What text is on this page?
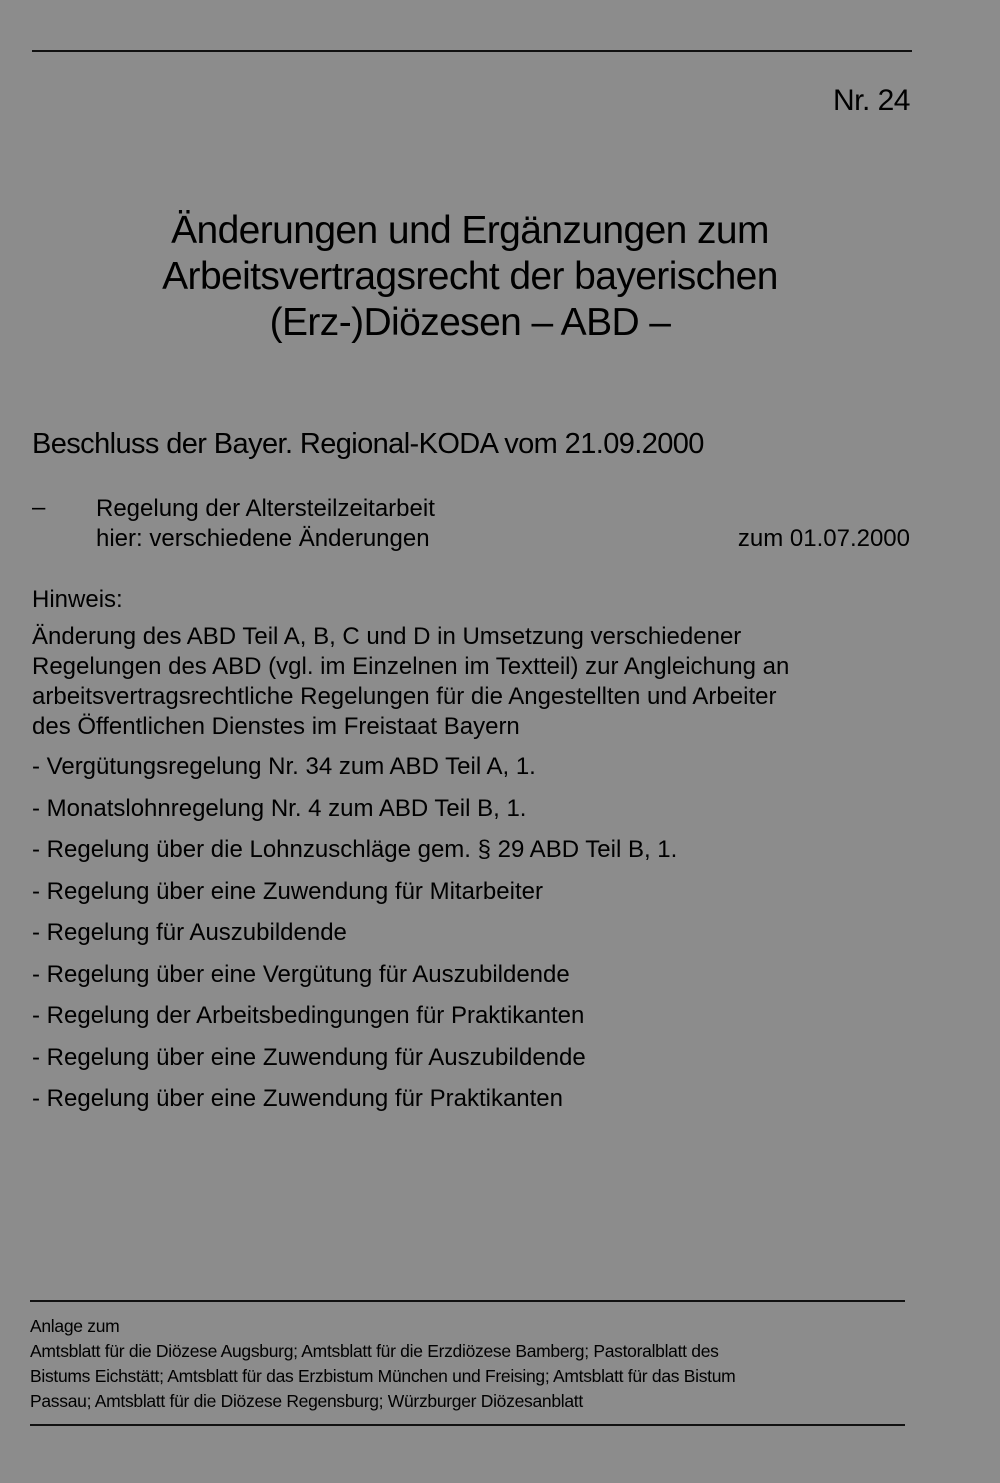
Nr. 24
Änderungen und Ergänzungen zum
Arbeitsvertragsrecht der bayerischen
(Erz-)Diözesen – ABD –
Beschluss der Bayer. Regional-KODA vom 21.09.2000
– Regelung der Altersteilzeitarbeit
hier: verschiedene Änderungen	zum 01.07.2000
Hinweis:
Änderung des ABD Teil A, B, C und D in Umsetzung verschiedener
Regelungen des ABD (vgl. im Einzelnen im Textteil) zur Angleichung an
arbeitsvertragsrechtliche Regelungen für die Angestellten und Arbeiter
des Öffentlichen Dienstes im Freistaat Bayern
- Vergütungsregelung Nr. 34 zum ABD Teil A, 1.
- Monatslohnregelung Nr. 4 zum ABD Teil B, 1.
- Regelung über die Lohnzuschläge gem. § 29 ABD Teil B, 1.
- Regelung über eine Zuwendung für Mitarbeiter
- Regelung für Auszubildende
- Regelung über eine Vergütung für Auszubildende
- Regelung der Arbeitsbedingungen für Praktikanten
- Regelung über eine Zuwendung für Auszubildende
- Regelung über eine Zuwendung für Praktikanten
Anlage zum
Amtsblatt für die Diözese Augsburg; Amtsblatt für die Erzdiözese Bamberg; Pastoralblatt des
Bistums Eichstätt; Amtsblatt für das Erzbistum München und Freising; Amtsblatt für das Bistum
Passau; Amtsblatt für die Diözese Regensburg; Würzburger Diözesanblatt
